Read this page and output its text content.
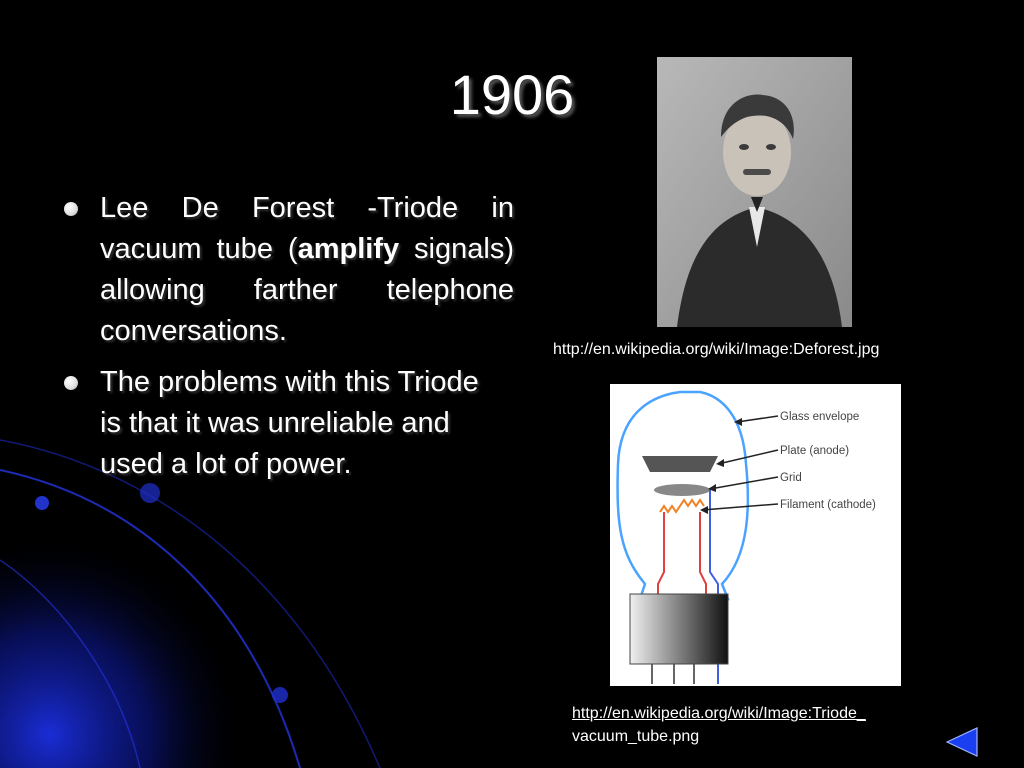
1906
Lee De Forest -Triode in vacuum tube (amplify signals) allowing farther telephone conversations.
The problems with this Triode is that it was unreliable and used a lot of power.
http://en.wikipedia.org/wiki/Image:Deforest.jpg
Glass envelope
Plate (anode)
Grid
Filament (cathode)
http://en.wikipedia.org/wiki/Image:Triode_
vacuum_tube.png
